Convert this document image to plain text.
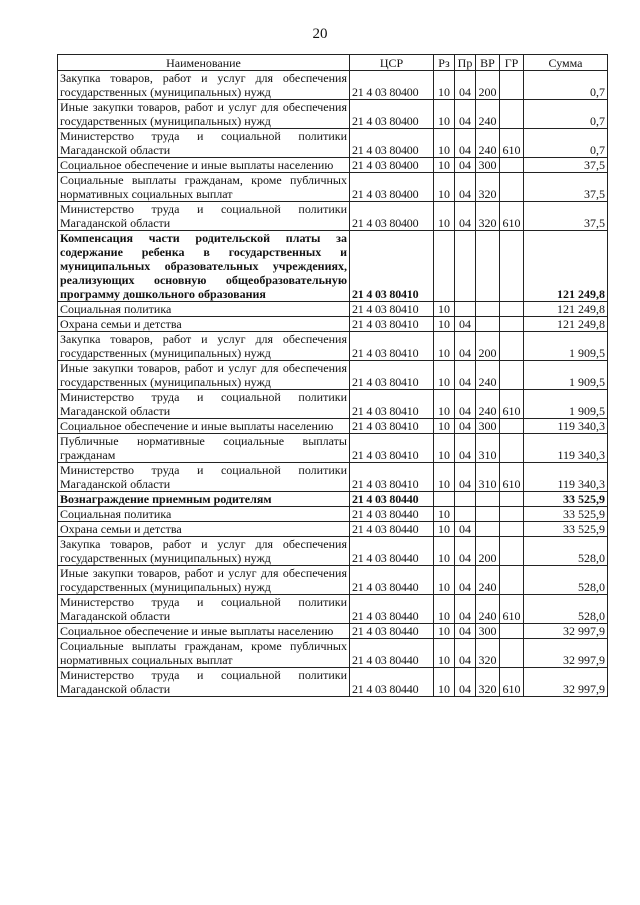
20
Наименование	ЦСР	Рз	Пр	ВР	ГР	Сумма
Закупка товаров, работ и услуг для обеспечения государственных (муниципальных) нужд	21 4 03 80400	10	04	200		0,7
Иные закупки товаров, работ и услуг для обеспечения государственных (муниципальных) нужд	21 4 03 80400	10	04	240		0,7
Министерство труда и социальной политики Магаданской области	21 4 03 80400	10	04	240	610	0,7
Социальное обеспечение и иные выплаты населению	21 4 03 80400	10	04	300		37,5
Социальные выплаты гражданам, кроме публичных нормативных социальных выплат	21 4 03 80400	10	04	320		37,5
Министерство труда и социальной политики Магаданской области	21 4 03 80400	10	04	320	610	37,5
Компенсация части родительской платы за содержание ребенка в государственных и муниципальных образовательных учреждениях, реализующих основную общеобразовательную программу дошкольного образования	21 4 03 80410					121 249,8
Социальная политика	21 4 03 80410	10				121 249,8
Охрана семьи и детства	21 4 03 80410	10	04			121 249,8
Закупка товаров, работ и услуг для обеспечения государственных (муниципальных) нужд	21 4 03 80410	10	04	200		1 909,5
Иные закупки товаров, работ и услуг для обеспечения государственных (муниципальных) нужд	21 4 03 80410	10	04	240		1 909,5
Министерство труда и социальной политики Магаданской области	21 4 03 80410	10	04	240	610	1 909,5
Социальное обеспечение и иные выплаты населению	21 4 03 80410	10	04	300		119 340,3
Публичные нормативные социальные выплаты гражданам	21 4 03 80410	10	04	310		119 340,3
Министерство труда и социальной политики Магаданской области	21 4 03 80410	10	04	310	610	119 340,3
Вознаграждение приемным родителям	21 4 03 80440					33 525,9
Социальная политика	21 4 03 80440	10				33 525,9
Охрана семьи и детства	21 4 03 80440	10	04			33 525,9
Закупка товаров, работ и услуг для обеспечения государственных (муниципальных) нужд	21 4 03 80440	10	04	200		528,0
Иные закупки товаров, работ и услуг для обеспечения государственных (муниципальных) нужд	21 4 03 80440	10	04	240		528,0
Министерство труда и социальной политики Магаданской области	21 4 03 80440	10	04	240	610	528,0
Социальное обеспечение и иные выплаты населению	21 4 03 80440	10	04	300		32 997,9
Социальные выплаты гражданам, кроме публичных нормативных социальных выплат	21 4 03 80440	10	04	320		32 997,9
Министерство труда и социальной политики Магаданской области	21 4 03 80440	10	04	320	610	32 997,9
